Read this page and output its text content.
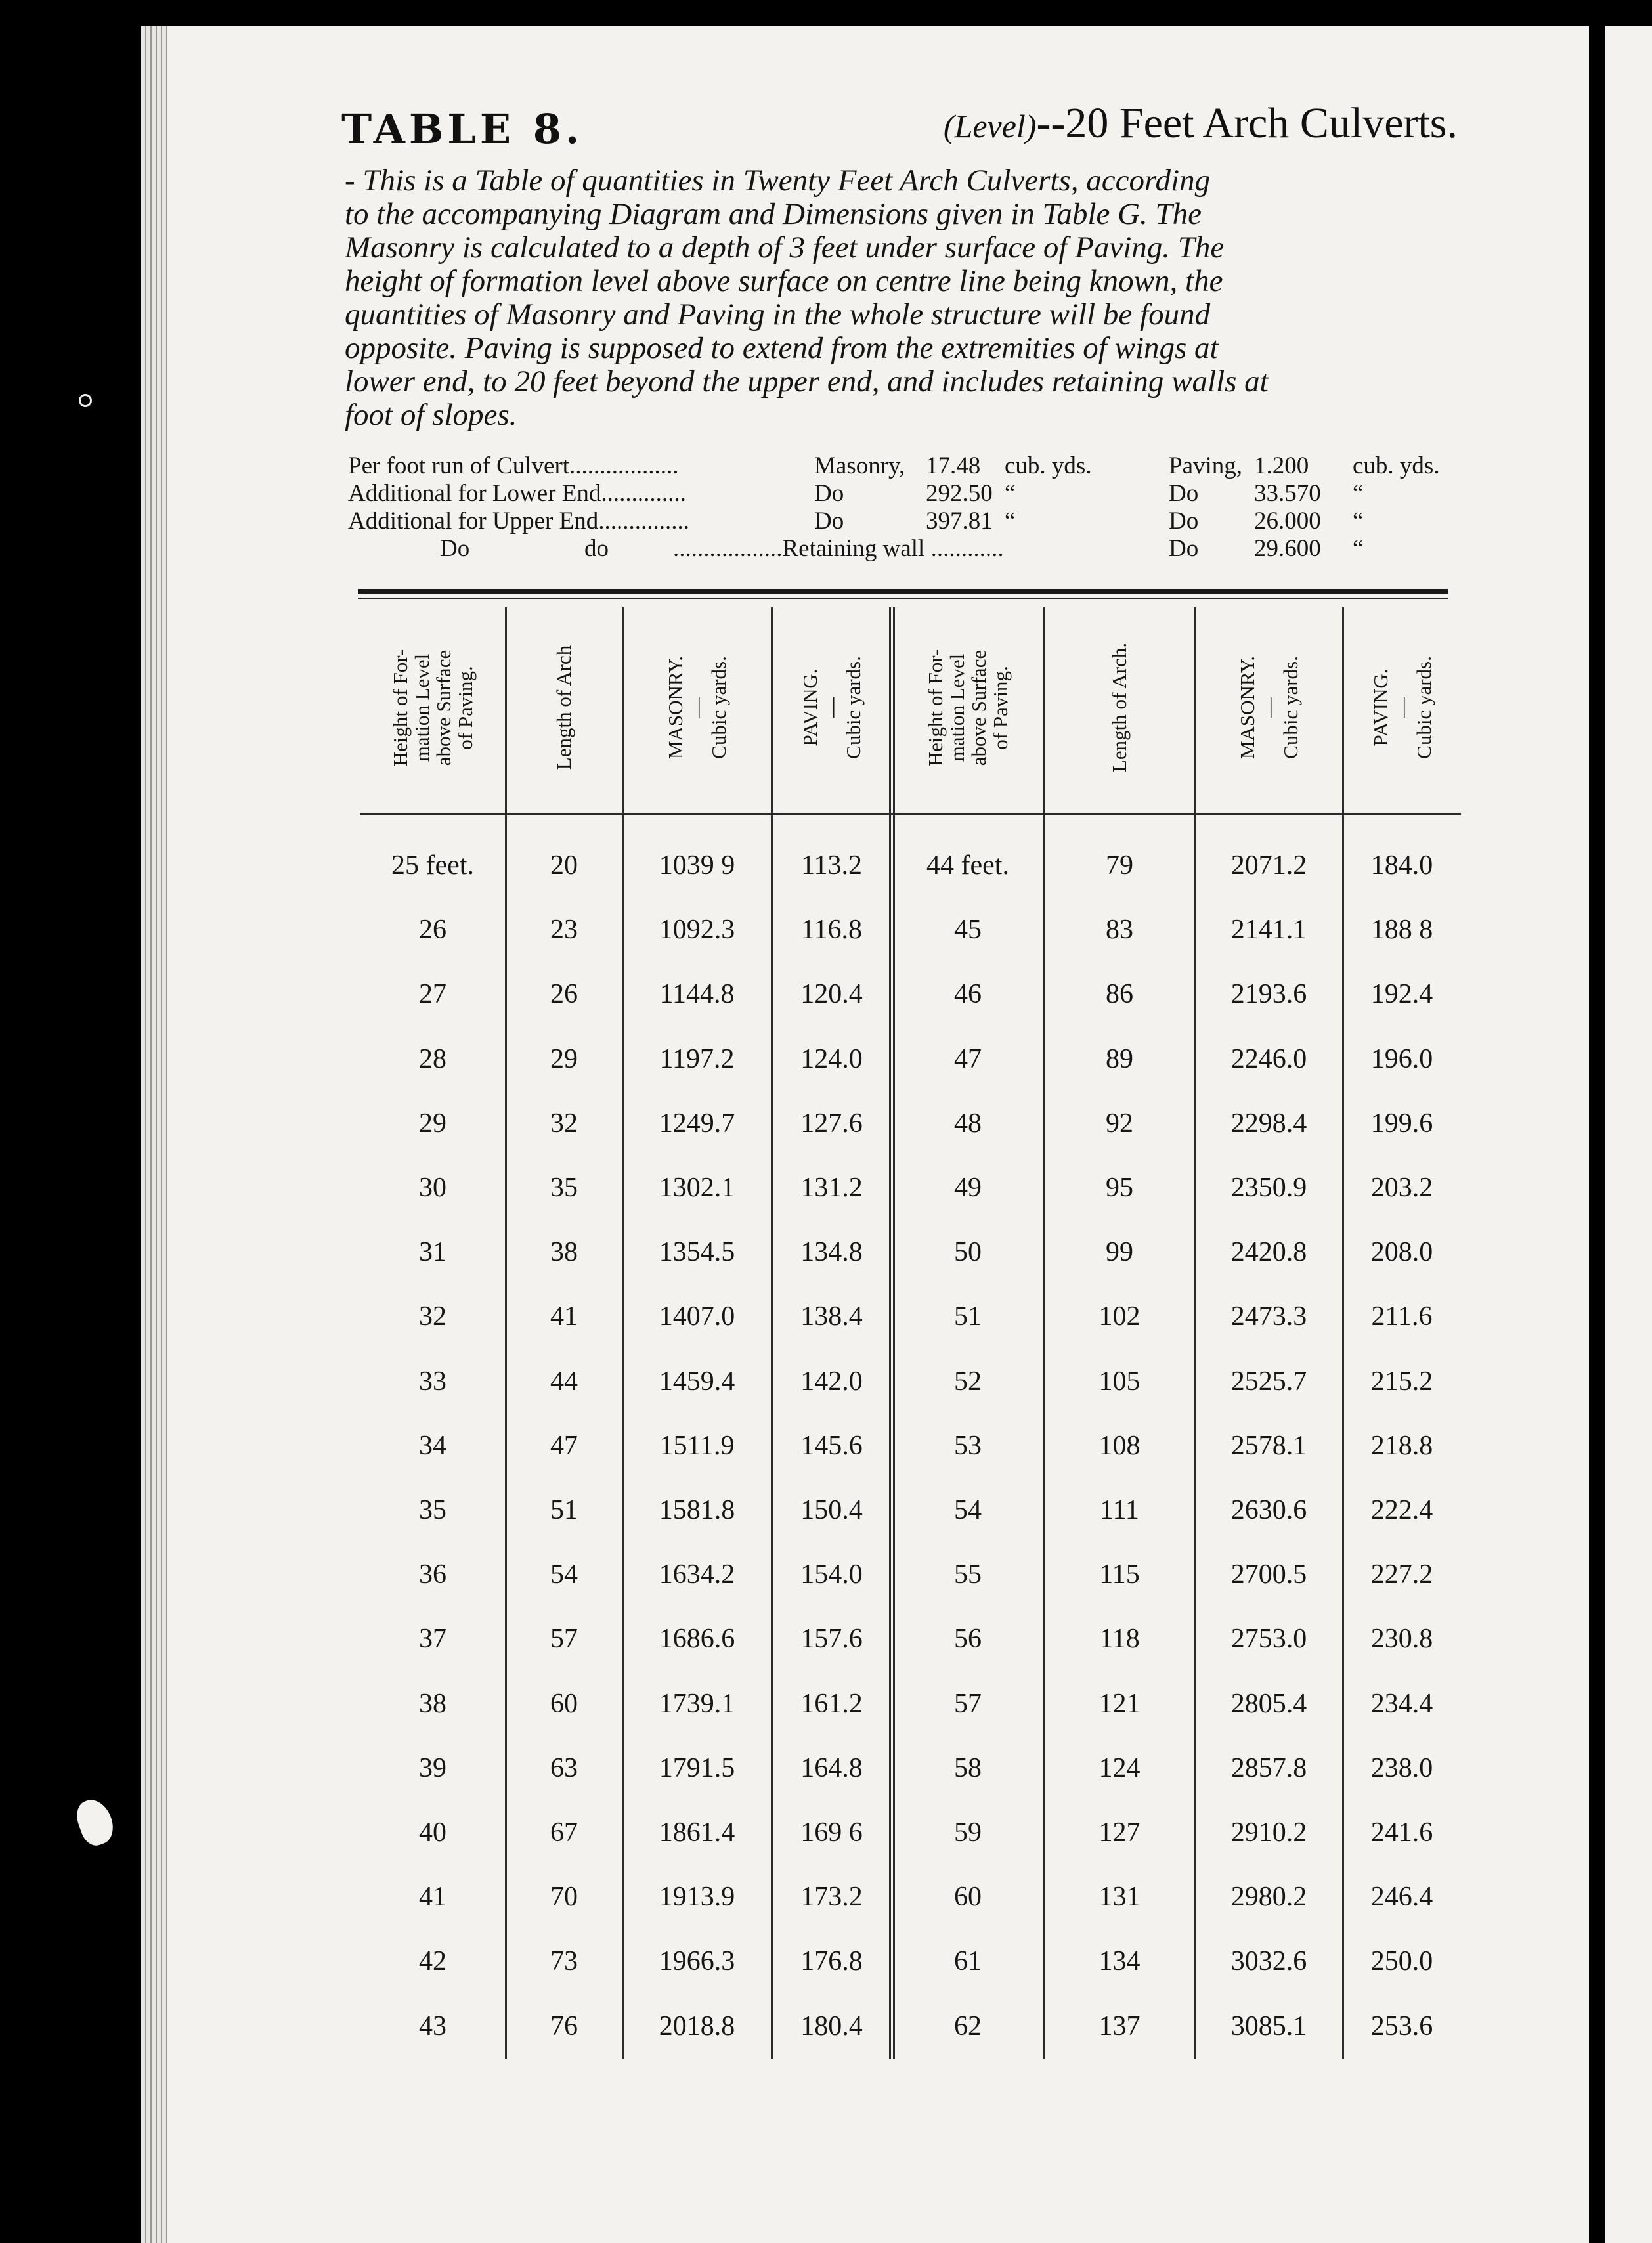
TABLE 8.	(Level)--20 Feet Arch Culverts.
- This is a Table of quantities in Twenty Feet Arch Culverts, according
to the accompanying Diagram and Dimensions given in Table G. The
Masonry is calculated to a depth of 3 feet under surface of Paving. The
height of formation level above surface on centre line being known, the
quantities of Masonry and Paving in the whole structure will be found
opposite. Paving is supposed to extend from the extremities of wings at
lower end, to 20 feet beyond the upper end, and includes retaining walls at
foot of slopes.
Per foot run of Culvert..................	Masonry, 17.48 cub. yds.	Paving, 1.200 cub. yds.
Additional for Lower End..............	Do	292.50 “	Do 33.570 “
Additional for Upper End...............	Do	397.81 “	Do 26.000 “
Do	do	..................Retaining wall ............	Do 29.600 “
Height of For-
mation Level
above Surface
of Paving.	Length of Arch	MASONRY.
—
Cubic yards.	PAVING.
—
Cubic yards.	Height of For-
mation Level
above Surface
of Paving.	Length of Arch.	MASONRY.
—
Cubic yards.	PAVING.
—
Cubic yards.
25 feet.	20	1039 9	113.2	44 feet.	79	2071.2	184.0
26	23	1092.3	116.8	45	83	2141.1	188 8
27	26	1144.8	120.4	46	86	2193.6	192.4
28	29	1197.2	124.0	47	89	2246.0	196.0
29	32	1249.7	127.6	48	92	2298.4	199.6
30	35	1302.1	131.2	49	95	2350.9	203.2
31	38	1354.5	134.8	50	99	2420.8	208.0
32	41	1407.0	138.4	51	102	2473.3	211.6
33	44	1459.4	142.0	52	105	2525.7	215.2
34	47	1511.9	145.6	53	108	2578.1	218.8
35	51	1581.8	150.4	54	111	2630.6	222.4
36	54	1634.2	154.0	55	115	2700.5	227.2
37	57	1686.6	157.6	56	118	2753.0	230.8
38	60	1739.1	161.2	57	121	2805.4	234.4
39	63	1791.5	164.8	58	124	2857.8	238.0
40	67	1861.4	169 6	59	127	2910.2	241.6
41	70	1913.9	173.2	60	131	2980.2	246.4
42	73	1966.3	176.8	61	134	3032.6	250.0
43	76	2018.8	180.4	62	137	3085.1	253.6
